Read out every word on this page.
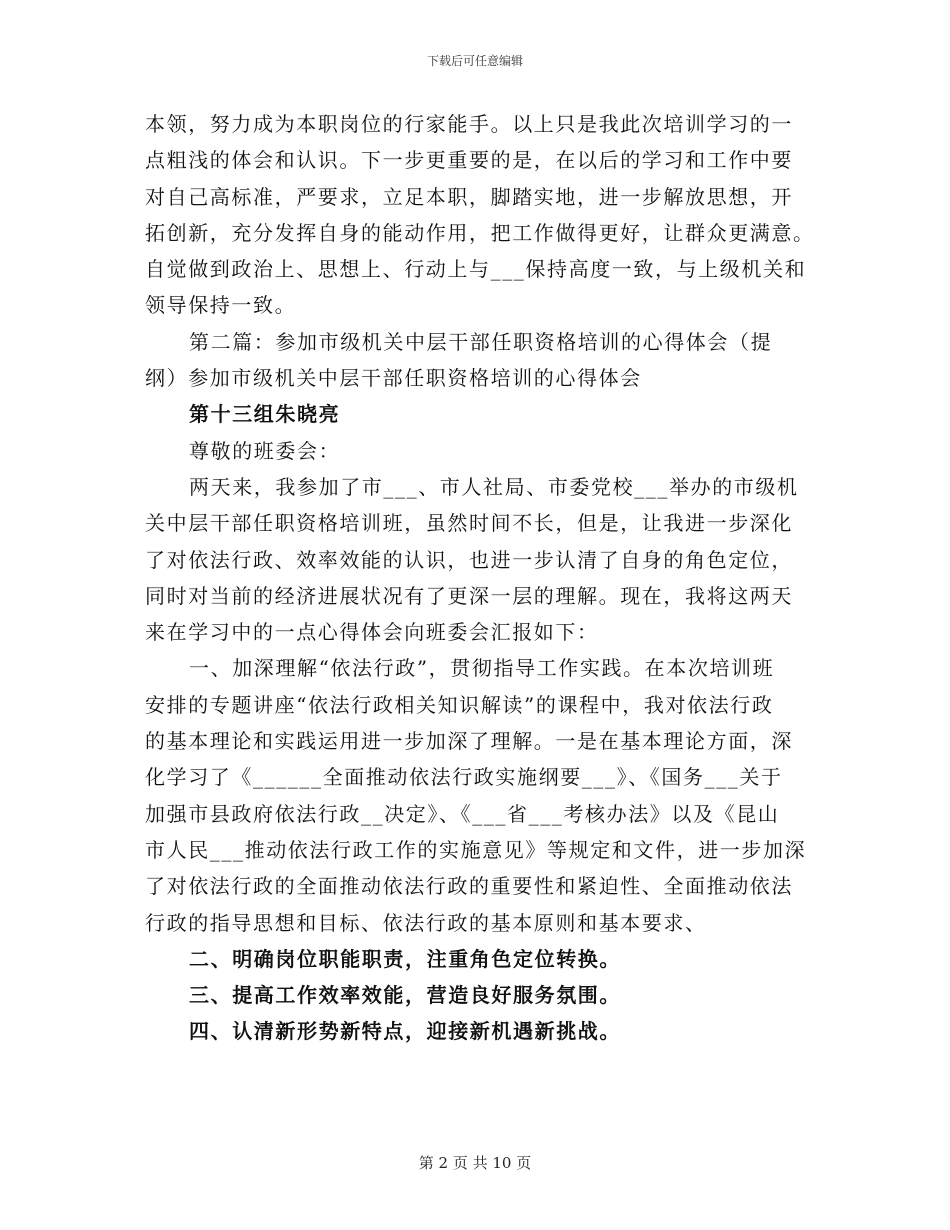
下载后可任意编辑

本领，努力成为本职岗位的行家能手。以上只是我此次培训学习的一

点粗浅的体会和认识。下一步更重要的是，在以后的学习和工作中要

对自己高标准，严要求，立足本职，脚踏实地，进一步解放思想，开

拓创新，充分发挥自身的能动作用，把工作做得更好，让群众更满意。

自觉做到政治上、思想上、行动上与___保持高度一致，与上级机关和

领导保持一致。

第二篇：参加市级机关中层干部任职资格培训的心得体会（提

纲）参加市级机关中层干部任职资格培训的心得体会

第十三组朱晓亮

尊敬的班委会：

两天来，我参加了市___、市人社局、市委党校___举办的市级机

关中层干部任职资格培训班，虽然时间不长，但是，让我进一步深化

了对依法行政、效率效能的认识，也进一步认清了自身的角色定位，

同时对当前的经济进展状况有了更深一层的理解。现在，我将这两天

来在学习中的一点心得体会向班委会汇报如下：

一、加深理解“依法行政”，贯彻指导工作实践。在本次培训班

安排的专题讲座“依法行政相关知识解读”的课程中，我对依法行政

的基本理论和实践运用进一步加深了理解。一是在基本理论方面，深

化学习了《______全面推动依法行政实施纲要___》、《国务___关于

加强市县政府依法行政__决定》、《___省___考核办法》以及《昆山

市人民___推动依法行政工作的实施意见》等规定和文件，进一步加深

了对依法行政的全面推动依法行政的重要性和紧迫性、全面推动依法

行政的指导思想和目标、依法行政的基本原则和基本要求、

二、明确岗位职能职责，注重角色定位转换。

三、提高工作效率效能，营造良好服务氛围。

四、认清新形势新特点，迎接新机遇新挑战。

第 2 页 共 10 页
